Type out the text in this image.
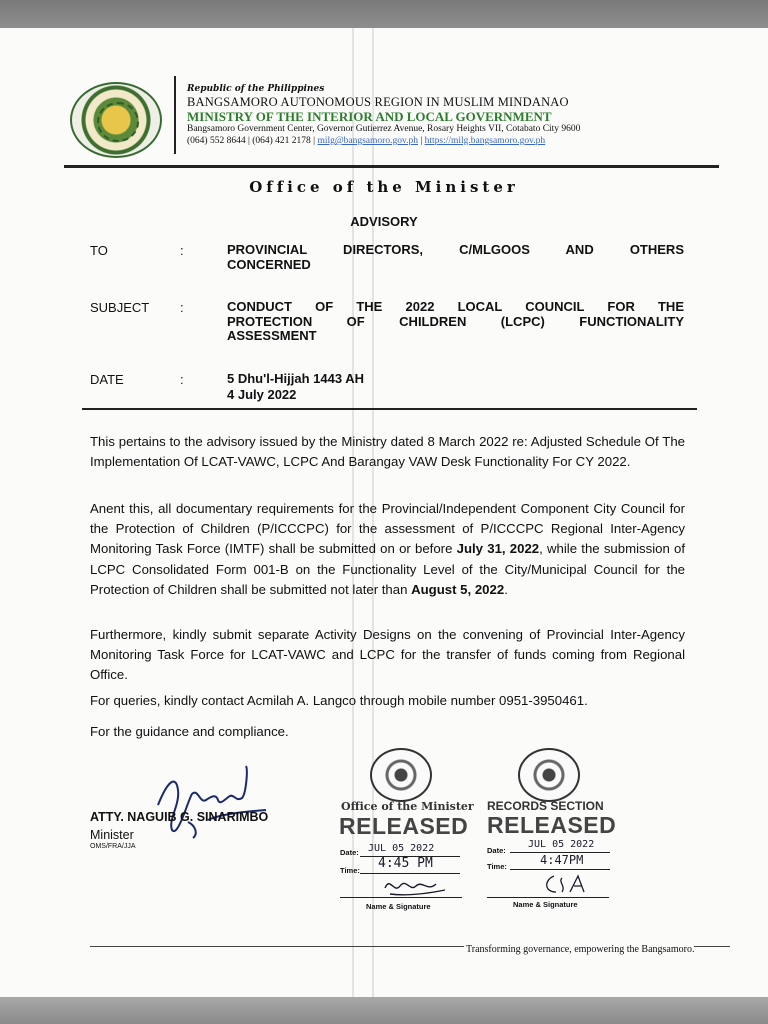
Republic of the Philippines
BANGSAMORO AUTONOMOUS REGION IN MUSLIM MINDANAO
MINISTRY OF THE INTERIOR AND LOCAL GOVERNMENT
Bangsamoro Government Center, Governor Gutierrez Avenue, Rosary Heights VII, Cotabato City 9600
(064) 552 8644 | (064) 421 2178 | milg@bangsamoro.gov.ph | https://milg.bangsamoro.gov.ph
Office of the Minister
ADVISORY
TO	:	PROVINCIAL DIRECTORS, C/MLGOOS AND OTHERS
CONCERNED
SUBJECT :	CONDUCT OF THE 2022 LOCAL COUNCIL FOR THE
PROTECTION OF CHILDREN (LCPC) FUNCTIONALITY
ASSESSMENT
DATE	:	5 Dhu'l-Hijjah 1443 AH
4 July 2022
This pertains to the advisory issued by the Ministry dated 8 March 2022 re: Adjusted Schedule Of The Implementation Of LCAT-VAWC, LCPC And Barangay VAW Desk Functionality For CY 2022.
Anent this, all documentary requirements for the Provincial/Independent Component City Council for the Protection of Children (P/ICCCPC) for the assessment of P/ICCCPC Regional Inter-Agency Monitoring Task Force (IMTF) shall be submitted on or before July 31, 2022, while the submission of LCPC Consolidated Form 001-B on the Functionality Level of the City/Municipal Council for the Protection of Children shall be submitted not later than August 5, 2022.
Furthermore, kindly submit separate Activity Designs on the convening of Provincial Inter-Agency Monitoring Task Force for LCAT-VAWC and LCPC for the transfer of funds coming from Regional Office.
For queries, kindly contact Acmilah A. Langco through mobile number 0951-3950461.
For the guidance and compliance.
ATTY. NAGUIB G. SINARIMBO
Minister
OMS/FRA/JJA
Office of the Minister
RELEASED
Date: JUL 05 2022
Time: 4:45 PM
Name & Signature
RECORDS SECTION
RELEASED
Date:
JUL 05 2022
Time:	4:47PM
Name & Signature
Transforming governance, empowering the Bangsamoro.
